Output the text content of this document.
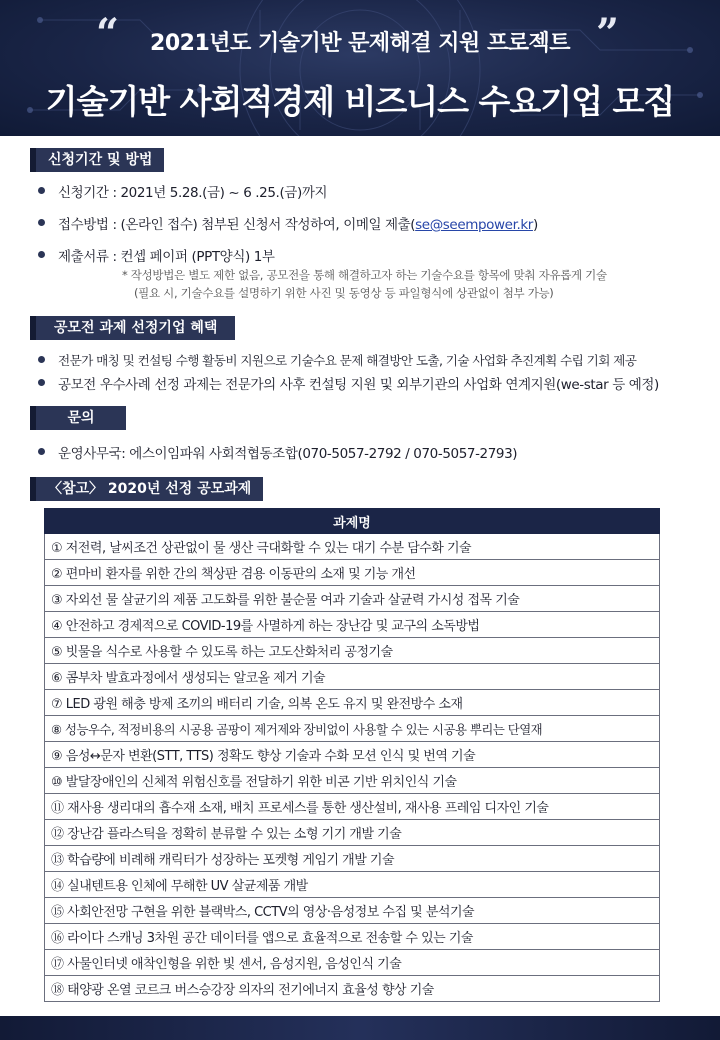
“	”
2021년도 기술기반 문제해결 지원 프로젝트
기술기반 사회적경제 비즈니스 수요기업 모집
신청기간 및 방법
신청기간 : 2021년 5.28.(금) ~ 6 .25.(금)까지
접수방법 : (온라인 접수) 첨부된 신청서 작성하여, 이메일 제출(se@seempower.kr)
제출서류 : 컨셉 페이퍼 (PPT양식) 1부
* 작성방법은 별도 제한 없음, 공모전을 통해 해결하고자 하는 기술수요를 항목에 맞춰 자유롭게 기술
(필요 시, 기술수요를 설명하기 위한 사진 및 동영상 등 파일형식에 상관없이 첨부 가능)
공모전 과제 선정기업 혜택
전문가 매칭 및 컨설팅 수행 활동비 지원으로 기술수요 문제 해결방안 도출, 기술 사업화 추진계획 수립 기회 제공
공모전 우수사례 선정 과제는 전문가의 사후 컨설팅 지원 및 외부기관의 사업화 연계지원(we-star 등 예정)
문의
운영사무국: 에스이임파워 사회적협동조합(070-5057-2792 / 070-5057-2793)
〈참고〉 2020년 선정 공모과제
과제명
① 저전력, 날씨조건 상관없이 물 생산 극대화할 수 있는 대기 수분 담수화 기술
② 편마비 환자를 위한 간의 책상판 겸용 이동판의 소재 및 기능 개선
③ 자외선 물 살균기의 제품 고도화를 위한 불순물 여과 기술과 살균력 가시성 접목 기술
④ 안전하고 경제적으로 COVID-19를 사멸하게 하는 장난감 및 교구의 소독방법
⑤ 빗물을 식수로 사용할 수 있도록 하는 고도산화처리 공정기술
⑥ 콤부차 발효과정에서 생성되는 알코올 제거 기술
⑦ LED 광원 해충 방제 조끼의 배터리 기술, 의복 온도 유지 및 완전방수 소재
⑧ 성능우수, 적정비용의 시공용 곰팡이 제거제와 장비없이 사용할 수 있는 시공용 뿌리는 단열재
⑨ 음성↔문자 변환(STT, TTS) 정확도 향상 기술과 수화 모션 인식 및 번역 기술
⑩ 발달장애인의 신체적 위험신호를 전달하기 위한 비콘 기반 위치인식 기술
⑪ 재사용 생리대의 흡수재 소재, 배치 프로세스를 통한 생산설비, 재사용 프레임 디자인 기술
⑫ 장난감 플라스틱을 정확히 분류할 수 있는 소형 기기 개발 기술
⑬ 학습량에 비례해 캐릭터가 성장하는 포켓형 게임기 개발 기술
⑭ 실내텐트용 인체에 무해한 UV 살균제품 개발
⑮ 사회안전망 구현을 위한 블랙박스, CCTV의 영상·음성정보 수집 및 분석기술
⑯ 라이다 스캐닝 3차원 공간 데이터를 앱으로 효율적으로 전송할 수 있는 기술
⑰ 사물인터넷 애착인형을 위한 빛 센서, 음성지원, 음성인식 기술
⑱ 태양광 온열 코르크 버스승강장 의자의 전기에너지 효율성 향상 기술
